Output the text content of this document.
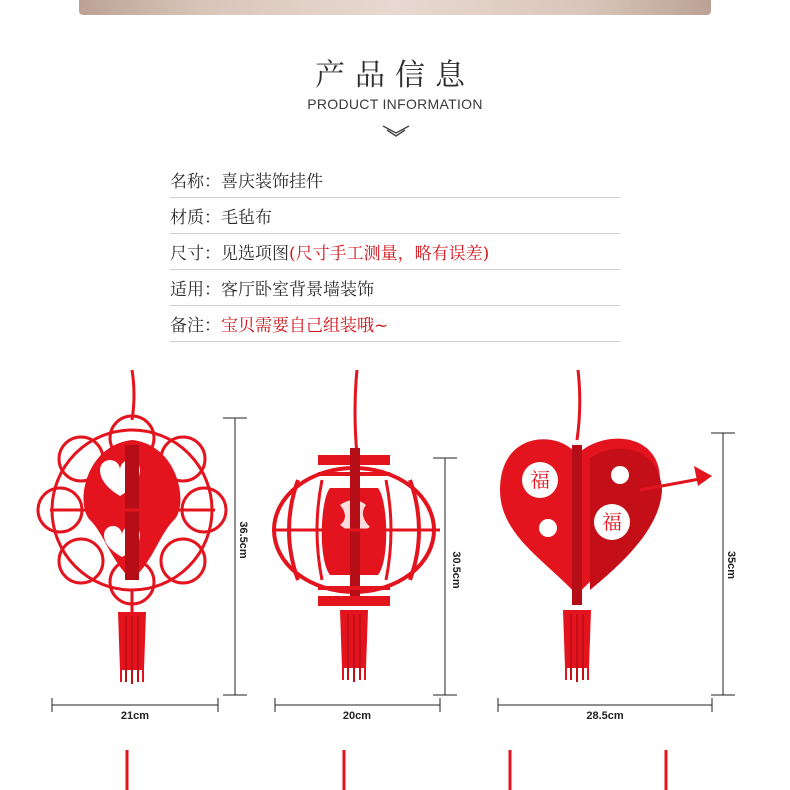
产品信息
PRODUCT INFORMATION
名称： 喜庆装饰挂件
材质： 毛毡布
尺寸： 见选项图 (尺寸手工测量，略有误差)
适用： 客厅卧室背景墙装饰
备注： 宝贝需要自己组装哦~
福
福
36.5cm
21cm
30.5cm
20cm
35cm
28.5cm
